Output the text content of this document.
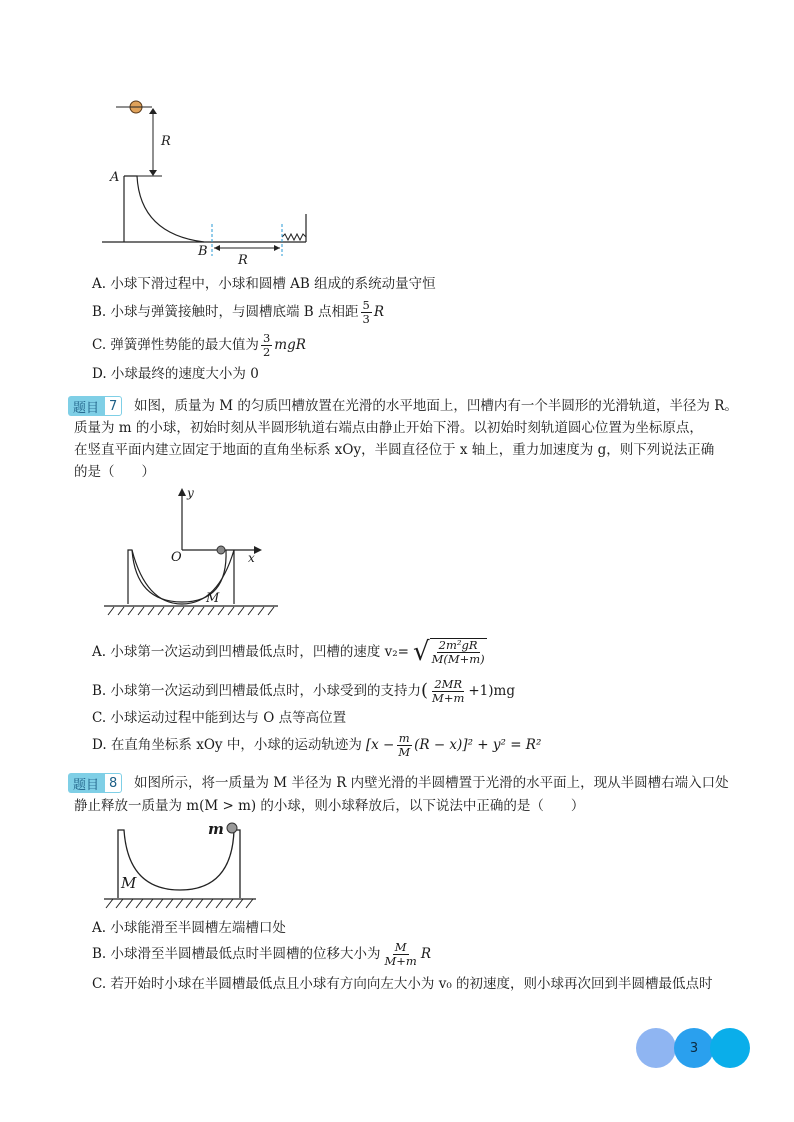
R
A
B
R
A. 小球下滑过程中，小球和圆槽 AB 组成的系统动量守恒
B. 小球与弹簧接触时，与圆槽底端 B 点相距 $\frac{5}{3}$ R
C. 弹簧弹性势能的最大值为 $\frac{3}{2}$ mgR
D. 小球最终的速度大小为 0
题目 7	如图，质量为 M 的匀质凹槽放置在光滑的水平地面上，凹槽内有一个半圆形的光滑轨道，半径为 R。
质量为 m 的小球，初始时刻从半圆形轨道右端点由静止开始下滑。以初始时刻轨道圆心位置为坐标原点，
在竖直平面内建立固定于地面的直角坐标系 xOy，半圆直径位于 x 轴上，重力加速度为 g，则下列说法正确
的是（　　）
y
O	x
M
A. 小球第一次运动到凹槽最低点时，凹槽的速度 v₂= √ $\frac{\text{2m²gR}}{M(M+m)}$
B. 小球第一次运动到凹槽最低点时，小球受到的支持力 ( $\frac{2MR}{M+m} +1)mg$
C. 小球运动过程中能到达与 O 点等高位置
D. 在直角坐标系 xOy 中，小球的运动轨迹为 $[x - \frac{m}{M} (R - x)]^2 + y^2 = R^2$
题目 8	如图所示，将一质量为 M 半径为 R 内壁光滑的半圆槽置于光滑的水平面上，现从半圆槽右端入口处
静止释放一质量为 m(M > m) 的小球，则小球释放后，以下说法中正确的是（　　）
m
M
A. 小球能滑至半圆槽左端槽口处
B. 小球滑至半圆槽最低点时半圆槽的位移大小为 $\frac{M}{M+m}$ R
C. 若开始时小球在半圆槽最低点且小球有方向向左大小为 v₀ 的初速度，则小球再次回到半圆槽最低点时
3
